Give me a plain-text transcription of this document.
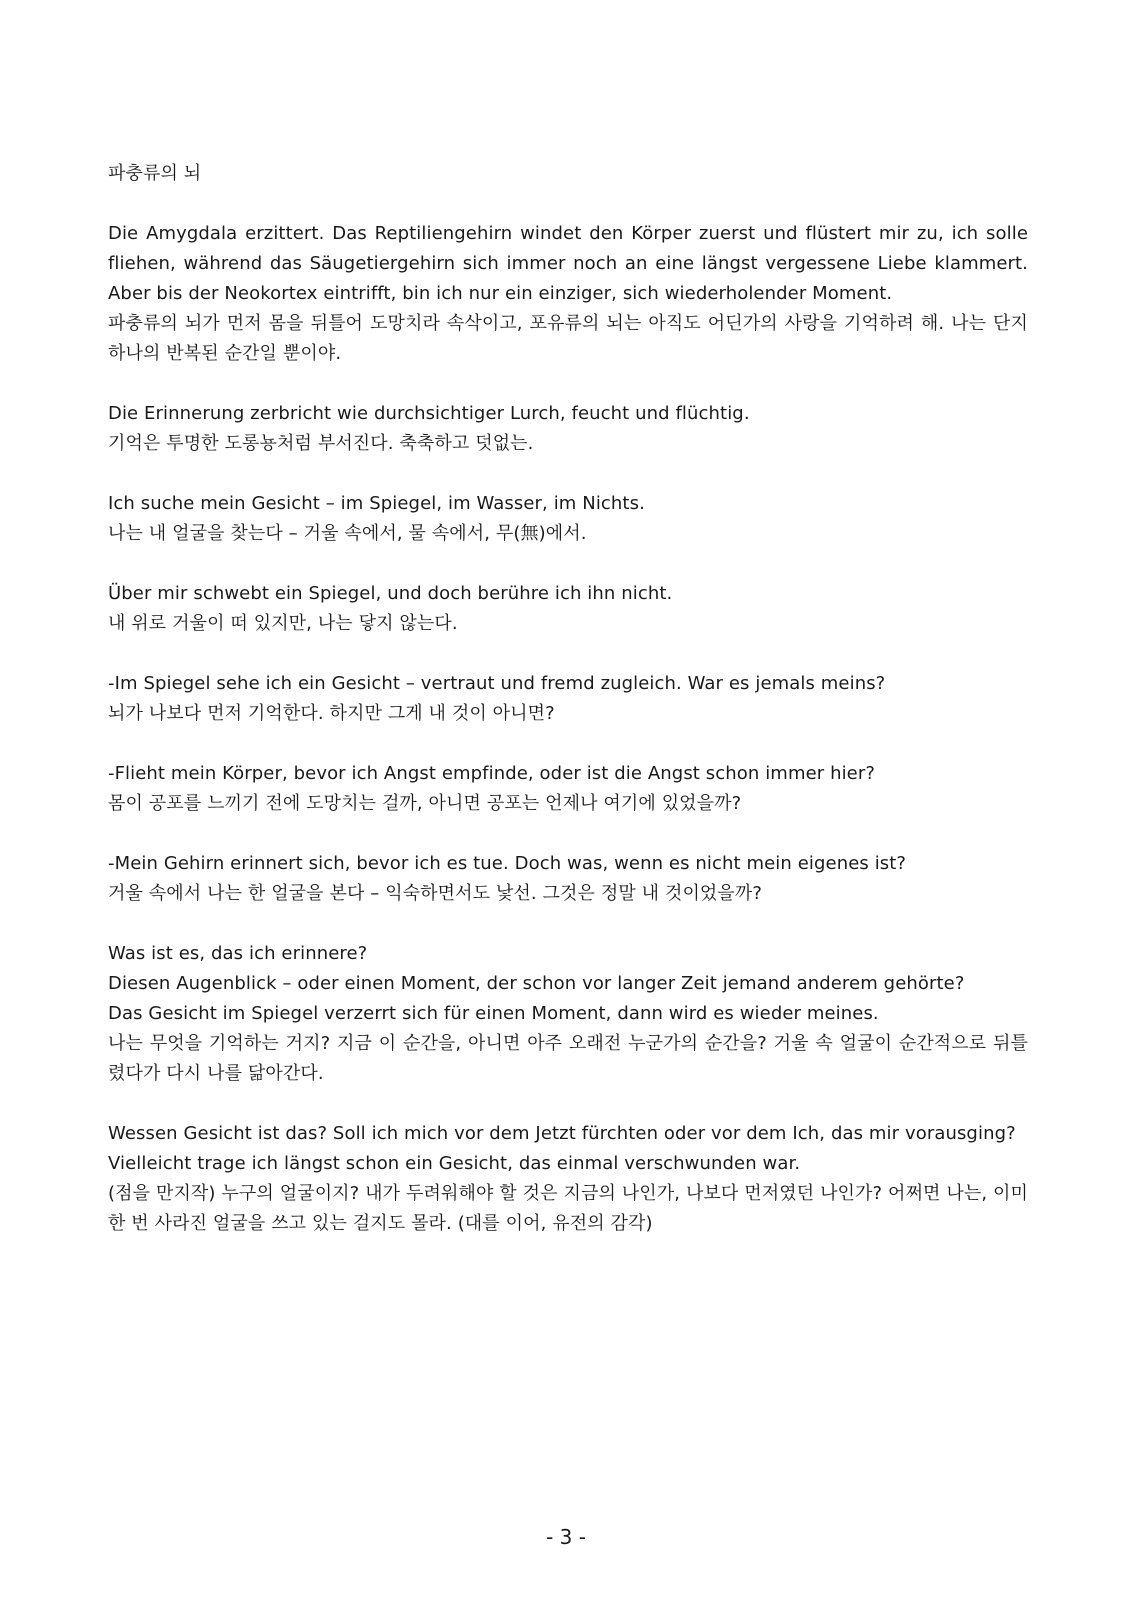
파충류의 뇌
Die Amygdala erzittert. Das Reptiliengehirn windet den Körper zuerst und flüstert mir zu, ich solle fliehen, während das Säugetiergehirn sich immer noch an eine längst vergessene Liebe klammert. Aber bis der Neokortex eintrifft, bin ich nur ein einziger, sich wiederholender Moment.
파충류의 뇌가 먼저 몸을 뒤틀어 도망치라 속삭이고, 포유류의 뇌는 아직도 어딘가의 사랑을 기억하려 해. 나는 단지 하나의 반복된 순간일 뿐이야.
Die Erinnerung zerbricht wie durchsichtiger Lurch, feucht und flüchtig.
기억은 투명한 도롱뇽처럼 부서진다. 축축하고 덧없는.
Ich suche mein Gesicht – im Spiegel, im Wasser, im Nichts.
나는 내 얼굴을 찾는다 – 거울 속에서, 물 속에서, 무(無)에서.
Über mir schwebt ein Spiegel, und doch berühre ich ihn nicht.
내 위로 거울이 떠 있지만, 나는 닿지 않는다.
-Im Spiegel sehe ich ein Gesicht – vertraut und fremd zugleich. War es jemals meins?
뇌가 나보다 먼저 기억한다. 하지만 그게 내 것이 아니면?
-Flieht mein Körper, bevor ich Angst empfinde, oder ist die Angst schon immer hier?
몸이 공포를 느끼기 전에 도망치는 걸까, 아니면 공포는 언제나 여기에 있었을까?
-Mein Gehirn erinnert sich, bevor ich es tue. Doch was, wenn es nicht mein eigenes ist?
거울 속에서 나는 한 얼굴을 본다 – 익숙하면서도 낯선. 그것은 정말 내 것이었을까?
Was ist es, das ich erinnere?
Diesen Augenblick – oder einen Moment, der schon vor langer Zeit jemand anderem gehörte?
Das Gesicht im Spiegel verzerrt sich für einen Moment, dann wird es wieder meines.
나는 무엇을 기억하는 거지? 지금 이 순간을, 아니면 아주 오래전 누군가의 순간을? 거울 속 얼굴이 순간적으로 뒤틀렸다가 다시 나를 닮아간다.
Wessen Gesicht ist das? Soll ich mich vor dem Jetzt fürchten oder vor dem Ich, das mir vorausging?
Vielleicht trage ich längst schon ein Gesicht, das einmal verschwunden war.
(점을 만지작) 누구의 얼굴이지? 내가 두려워해야 할 것은 지금의 나인가, 나보다 먼저였던 나인가? 어쩌면 나는, 이미 한 번 사라진 얼굴을 쓰고 있는 걸지도 몰라. (대를 이어, 유전의 감각)
- 3 -
